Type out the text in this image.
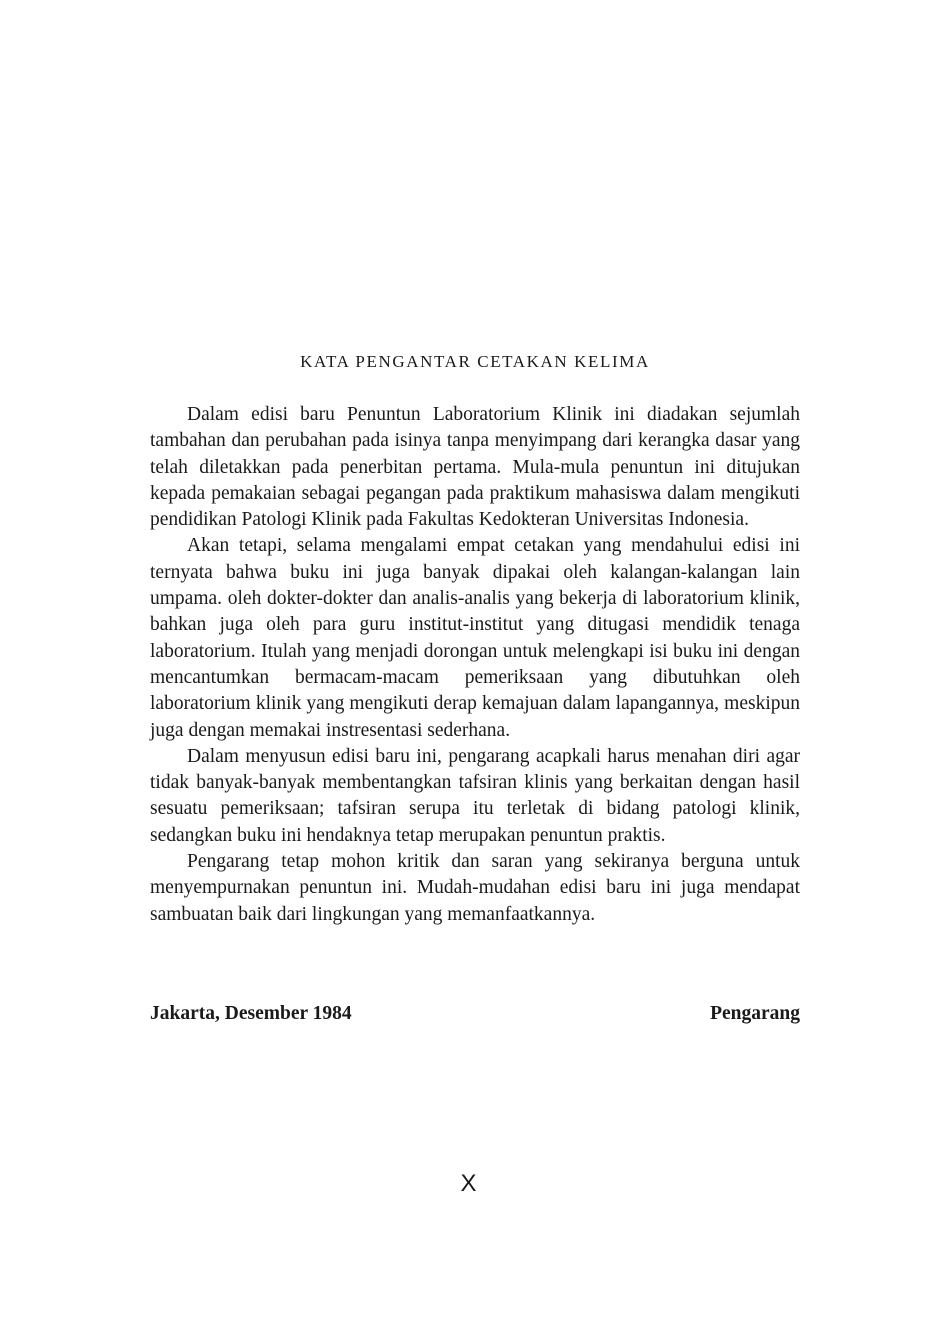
KATA PENGANTAR CETAKAN KELIMA

Dalam edisi baru Penuntun Laboratorium Klinik ini diadakan sejumlah tambahan dan perubahan pada isinya tanpa menyimpang dari kerangka dasar yang telah diletakkan pada penerbitan pertama. Mula-mula penuntun ini ditujukan kepada pemakaian sebagai pegangan pada praktikum mahasiswa dalam mengikuti pendidikan Patologi Klinik pada Fakultas Kedokteran Universitas Indonesia.

Akan tetapi, selama mengalami empat cetakan yang mendahului edisi ini ternyata bahwa buku ini juga banyak dipakai oleh kalangan-kalangan lain umpama. oleh dokter-dokter dan analis-analis yang bekerja di laboratorium klinik, bahkan juga oleh para guru institut-institut yang ditugasi mendidik tenaga laboratorium. Itulah yang menjadi dorongan untuk melengkapi isi buku ini dengan mencantumkan bermacam-macam pemeriksaan yang dibutuhkan oleh laboratorium klinik yang mengikuti derap kemajuan dalam lapangannya, meskipun juga dengan memakai instresentasi sederhana.

Dalam menyusun edisi baru ini, pengarang acapkali harus menahan diri agar tidak banyak-banyak membentangkan tafsiran klinis yang berkaitan dengan hasil sesuatu pemeriksaan; tafsiran serupa itu terletak di bidang patologi klinik, sedangkan buku ini hendaknya tetap merupakan penuntun praktis.

Pengarang tetap mohon kritik dan saran yang sekiranya berguna untuk menyempurnakan penuntun ini. Mudah-mudahan edisi baru ini juga mendapat sambuatan baik dari lingkungan yang memanfaatkannya.

Jakarta, Desember 1984	Pengarang
X
